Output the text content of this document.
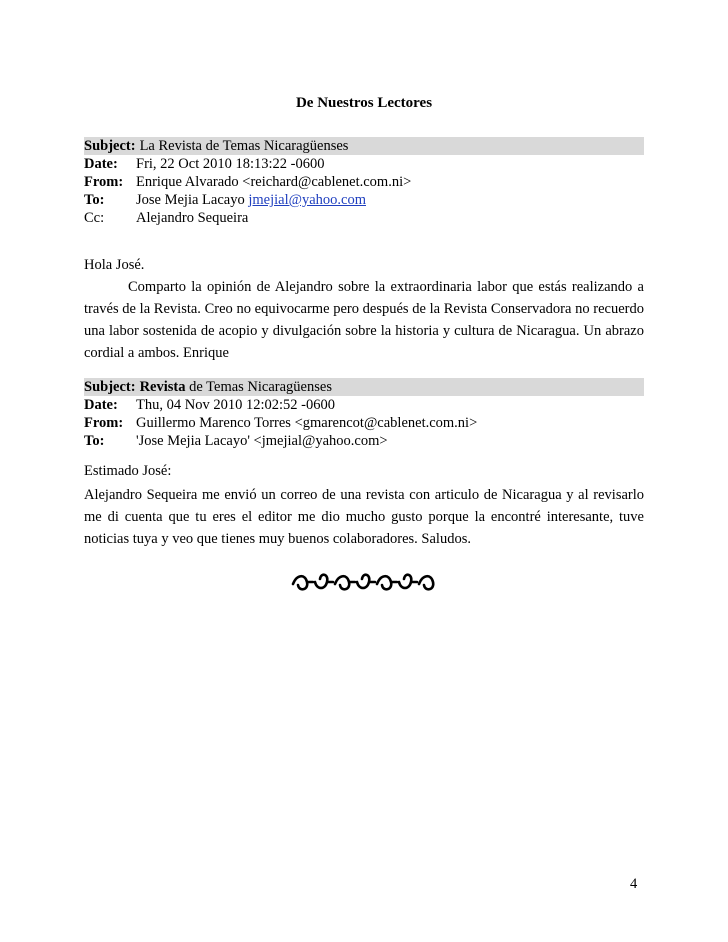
De Nuestros Lectores
Subject: La Revista de Temas Nicaragüenses
Date:	Fri, 22 Oct 2010 18:13:22 -0600
From: Enrique Alvarado <reichard@cablenet.com.ni>
To:	Jose Mejia Lacayo
jmejial@yahoo.com
Cc:	Alejandro Sequeira
Hola José.
Comparto la opinión de Alejandro sobre la extraordinaria labor que estás realizando a través de la Revista. Creo no equivocarme pero después de la Revista Conservadora no recuerdo una labor sostenida de acopio y divulgación sobre la historia y cultura de Nicaragua. Un abrazo cordial a ambos. Enrique
Subject: Revista de Temas Nicaragüenses
Date:	Thu, 04 Nov 2010 12:02:52 -0600
From: Guillermo Marenco Torres <gmarencot@cablenet.com.ni>
To:	'Jose Mejia Lacayo' <jmejial@yahoo.com>
Estimado José:
Alejandro Sequeira me envió un correo de una revista con articulo de Nicaragua y al revisarlo me di cuenta que tu eres el editor me dio mucho gusto porque la encontré interesante, tuve noticias tuya y veo que tienes muy buenos colaboradores. Saludos.
4
